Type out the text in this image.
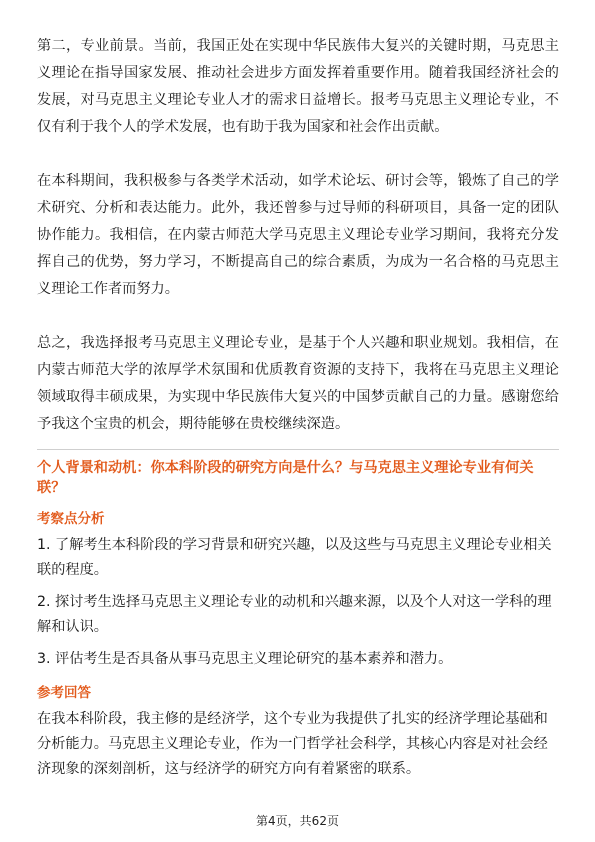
第二，专业前景。当前，我国正处在实现中华民族伟大复兴的关键时期，马克思主义理论在指导国家发展、推动社会进步方面发挥着重要作用。随着我国经济社会的发展，对马克思主义理论专业人才的需求日益增长。报考马克思主义理论专业，不仅有利于我个人的学术发展，也有助于我为国家和社会作出贡献。

在本科期间，我积极参与各类学术活动，如学术论坛、研讨会等，锻炼了自己的学术研究、分析和表达能力。此外，我还曾参与过导师的科研项目，具备一定的团队协作能力。我相信，在内蒙古师范大学马克思主义理论专业学习期间，我将充分发挥自己的优势，努力学习，不断提高自己的综合素质，为成为一名合格的马克思主义理论工作者而努力。

总之，我选择报考马克思主义理论专业，是基于个人兴趣和职业规划。我相信，在内蒙古师范大学的浓厚学术氛围和优质教育资源的支持下，我将在马克思主义理论领域取得丰硕成果，为实现中华民族伟大复兴的中国梦贡献自己的力量。感谢您给予我这个宝贵的机会，期待能够在贵校继续深造。

个人背景和动机：你本科阶段的研究方向是什么？与马克思主义理论专业有何关联？
考察点分析
1. 了解考生本科阶段的学习背景和研究兴趣，以及这些与马克思主义理论专业相关联的程度。
2. 探讨考生选择马克思主义理论专业的动机和兴趣来源，以及个人对这一学科的理解和认识。
3. 评估考生是否具备从事马克思主义理论研究的基本素养和潜力。
参考回答

在我本科阶段，我主修的是经济学，这个专业为我提供了扎实的经济学理论基础和分析能力。马克思主义理论专业，作为一门哲学社会科学，其核心内容是对社会经济现象的深刻剖析，这与经济学的研究方向有着紧密的联系。

第4页，共62页
